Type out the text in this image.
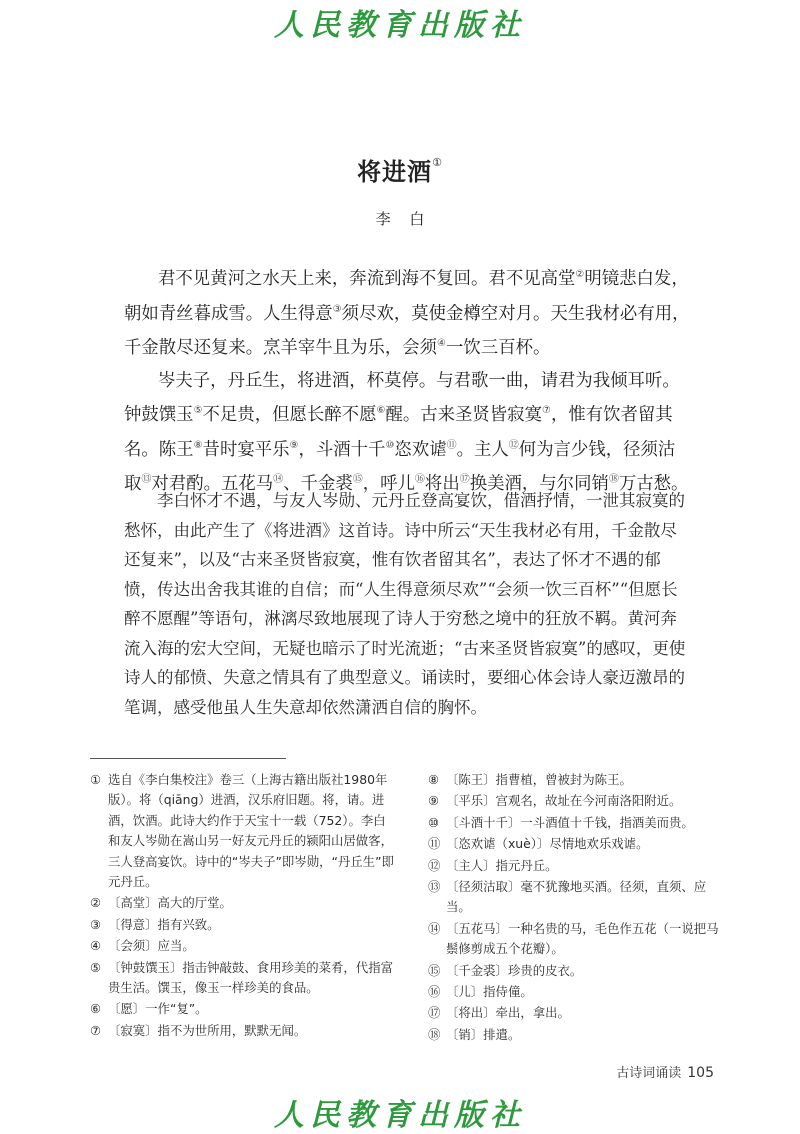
人民教育出版社
将进酒①
李 白

君不见黄河之水天上来，奔流到海不复回。君不见高堂②明镜悲白发，朝如青丝暮成雪。人生得意③须尽欢，莫使金樽空对月。天生我材必有用，千金散尽还复来。烹羊宰牛且为乐，会须④一饮三百杯。

岑夫子，丹丘生，将进酒，杯莫停。与君歌一曲，请君为我倾耳听。钟鼓馔玉⑤不足贵，但愿长醉不愿⑥醒。古来圣贤皆寂寞⑦，惟有饮者留其名。陈王⑧昔时宴平乐⑨，斗酒十千⑩恣欢谑⑪。主人⑫何为言少钱，径须沽取⑬对君酌。五花马⑭、千金裘⑮，呼儿⑯将出⑰换美酒，与尔同销⑱万古愁。

李白怀才不遇，与友人岑勋、元丹丘登高宴饮，借酒抒情，一泄其寂寞的愁怀，由此产生了《将进酒》这首诗。诗中所云“天生我材必有用，千金散尽还复来”，以及“古来圣贤皆寂寞，惟有饮者留其名”，表达了怀才不遇的郁愤，传达出舍我其谁的自信；而“人生得意须尽欢”“会须一饮三百杯”“但愿长醉不愿醒”等语句，淋漓尽致地展现了诗人于穷愁之境中的狂放不羁。黄河奔流入海的宏大空间，无疑也暗示了时光流逝；“古来圣贤皆寂寞”的感叹，更使诗人的郁愤、失意之情具有了典型意义。诵读时，要细心体会诗人豪迈激昂的笔调，感受他虽人生失意却依然潇洒自信的胸怀。
① 选自《李白集校注》卷三（上海古籍出版社1980年版）。将（qiāng）进酒，汉乐府旧题。将，请。进酒，饮酒。此诗大约作于天宝十一载（752）。李白和友人岑勋在嵩山另一好友元丹丘的颍阳山居做客，三人登高宴饮。诗中的“岑夫子”即岑勋，“丹丘生”即元丹丘。
② 〔高堂〕高大的厅堂。
③ 〔得意〕指有兴致。
④ 〔会须〕应当。
⑤ 〔钟鼓馔玉〕指击钟敲鼓、食用珍美的菜肴，代指富贵生活。馔玉，像玉一样珍美的食品。
⑥ 〔愿〕一作“复”。
⑦ 〔寂寞〕指不为世所用，默默无闻。
⑧ 〔陈王〕指曹植，曾被封为陈王。
⑨ 〔平乐〕宫观名，故址在今河南洛阳附近。
⑩ 〔斗酒十千〕一斗酒值十千钱，指酒美而贵。
⑪ 〔恣欢谑（xuè）〕尽情地欢乐戏谑。
⑫ 〔主人〕指元丹丘。
⑬ 〔径须沽取〕毫不犹豫地买酒。径须，直须、应当。
⑭ 〔五花马〕一种名贵的马，毛色作五花（一说把马鬃修剪成五个花瓣）。
⑮ 〔千金裘〕珍贵的皮衣。
⑯ 〔儿〕指侍僮。
⑰ 〔将出〕牵出，拿出。
⑱ 〔销〕排遣。
古诗词诵读 105
人民教育出版社
